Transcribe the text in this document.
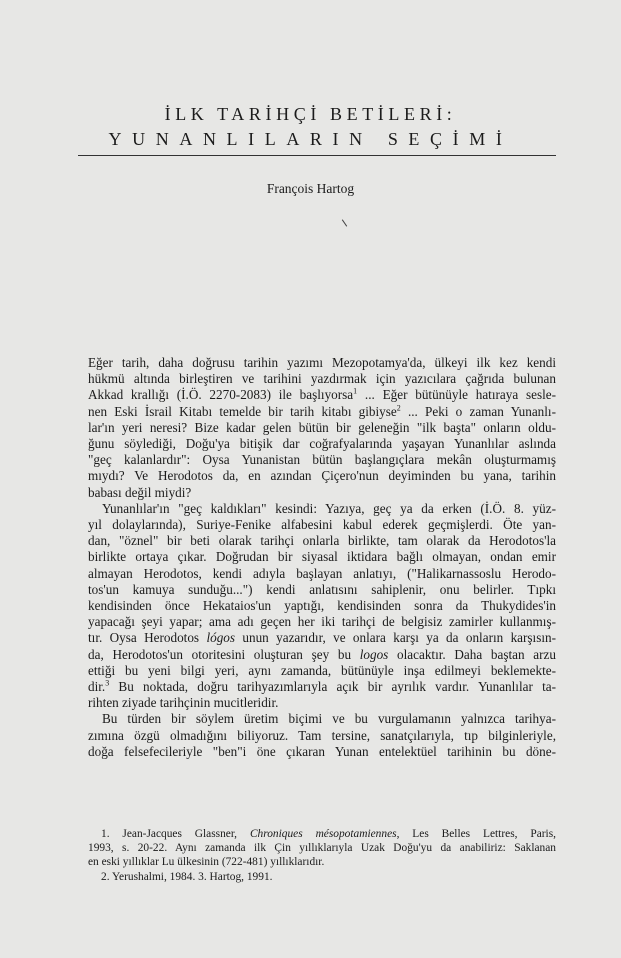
İLK TARİHÇİ BETİLERİ:
YUNANLILARIN SEÇİMİ
François Hartog
Eğer tarih, daha doğrusu tarihin yazımı Mezopotamya'da, ülkeyi ilk kez kendi
hükmü altında birleştiren ve tarihini yazdırmak için yazıcılara çağrıda bulunan
Akkad krallığı (İ.Ö. 2270-2083) ile başlıyorsa$^1$ ... Eğer bütünüyle hatıraya sesle-
nen Eski İsrail Kitabı temelde bir tarih kitabı gibiyse$^2$ ... Peki o zaman Yunanlı-
lar'ın yeri neresi? Bize kadar gelen bütün bir geleneğin "ilk başta" onların oldu-
ğunu söylediği, Doğu'ya bitişik dar coğrafyalarında yaşayan Yunanlılar aslında
"geç kalanlardır": Oysa Yunanistan bütün başlangıçlara mekân oluşturmamış
mıydı? Ve Herodotos da, en azından Çiçero'nun deyiminden bu yana, tarihin
babası değil miydi?
Yunanlılar'ın "geç kaldıkları" kesindi: Yazıya, geç ya da erken (İ.Ö. 8. yüz-
yıl dolaylarında), Suriye-Fenike alfabesini kabul ederek geçmişlerdi. Öte yan-
dan, "öznel" bir beti olarak tarihçi onlarla birlikte, tam olarak da Herodotos'la
birlikte ortaya çıkar. Doğrudan bir siyasal iktidara bağlı olmayan, ondan emir
almayan Herodotos, kendi adıyla başlayan anlatıyı, ("Halikarnassoslu Herodo-
tos'un kamuya sunduğu...") kendi anlatısını sahiplenir, onu belirler. Tıpkı
kendisinden önce Hekataios'un yaptığı, kendisinden sonra da Thukydides'in
yapacağı şeyi yapar; ama adı geçen her iki tarihçi de belgisiz zamirler kullanmış-
tır. Oysa Herodotos lógos unun yazarıdır, ve onlara karşı ya da onların karşısın-
da, Herodotos'un otoritesini oluşturan şey bu logos olacaktır. Daha baştan arzu
ettiği bu yeni bilgi yeri, aynı zamanda, bütünüyle inşa edilmeyi beklemekte-
dir.$^3$ Bu noktada, doğru tarihyazımlarıyla açık bir ayrılık vardır. Yunanlılar ta-
rihten ziyade tarihçinin mucitleridir.
Bu türden bir söylem üretim biçimi ve bu vurgulamanın yalnızca tarihya-
zımına özgü olmadığını biliyoruz. Tam tersine, sanatçılarıyla, tıp bilginleriyle,
doğa felsefecileriyle "ben"i öne çıkaran Yunan entelektüel tarihinin bu döne-
1. Jean-Jacques Glassner, Chroniques mésopotamiennes, Les Belles Lettres, Paris,
1993, s. 20-22. Aynı zamanda ilk Çin yıllıklarıyla Uzak Doğu'yu da anabiliriz: Saklanan
en eski yıllıklar Lu ülkesinin (722-481) yıllıklarıdır.
2. Yerushalmi, 1984. 3. Hartog, 1991.
